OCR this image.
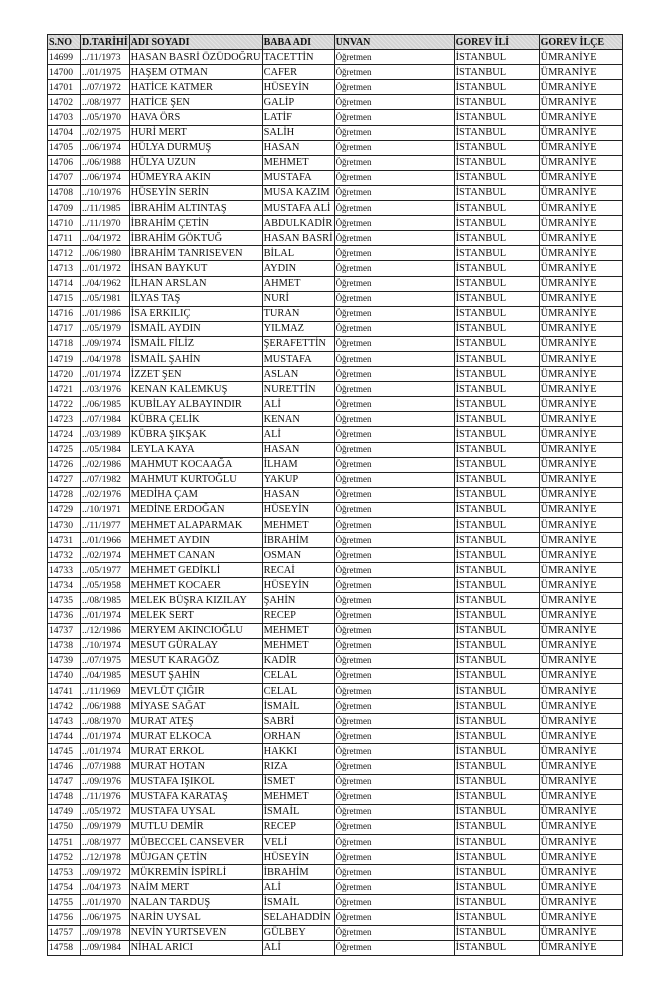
S.NO	D.TARİHİ	ADI SOYADI	BABA ADI	UNVAN	GOREV İLİ	GOREV İLÇE
14699	../11/1973	HASAN BASRİ ÖZÜDOĞRU	TACETTİN	Öğretmen	İSTANBUL	ÜMRANİYE
14700	../01/1975	HAŞEM OTMAN	CAFER	Öğretmen	İSTANBUL	ÜMRANİYE
14701	../07/1972	HATİCE KATMER	HÜSEYİN	Öğretmen	İSTANBUL	ÜMRANİYE
14702	../08/1977	HATİCE ŞEN	GALİP	Öğretmen	İSTANBUL	ÜMRANİYE
14703	../05/1970	HAVA ÖRS	LATİF	Öğretmen	İSTANBUL	ÜMRANİYE
14704	../02/1975	HURİ MERT	SALİH	Öğretmen	İSTANBUL	ÜMRANİYE
14705	../06/1974	HÜLYA DURMUŞ	HASAN	Öğretmen	İSTANBUL	ÜMRANİYE
14706	../06/1988	HÜLYA UZUN	MEHMET	Öğretmen	İSTANBUL	ÜMRANİYE
14707	../06/1974	HÜMEYRA AKIN	MUSTAFA	Öğretmen	İSTANBUL	ÜMRANİYE
14708	../10/1976	HÜSEYİN SERİN	MUSA KAZIM	Öğretmen	İSTANBUL	ÜMRANİYE
14709	../11/1985	İBRAHİM ALTINTAŞ	MUSTAFA ALİ	Öğretmen	İSTANBUL	ÜMRANİYE
14710	../11/1970	İBRAHİM ÇETİN	ABDULKADİR	Öğretmen	İSTANBUL	ÜMRANİYE
14711	../04/1972	İBRAHİM GÖKTUĞ	HASAN BASRİ	Öğretmen	İSTANBUL	ÜMRANİYE
14712	../06/1980	İBRAHİM TANRISEVEN	BİLAL	Öğretmen	İSTANBUL	ÜMRANİYE
14713	../01/1972	İHSAN BAYKUT	AYDIN	Öğretmen	İSTANBUL	ÜMRANİYE
14714	../04/1962	İLHAN ARSLAN	AHMET	Öğretmen	İSTANBUL	ÜMRANİYE
14715	../05/1981	İLYAS TAŞ	NURİ	Öğretmen	İSTANBUL	ÜMRANİYE
14716	../01/1986	İSA ERKILIÇ	TURAN	Öğretmen	İSTANBUL	ÜMRANİYE
14717	../05/1979	İSMAİL AYDIN	YILMAZ	Öğretmen	İSTANBUL	ÜMRANİYE
14718	../09/1974	İSMAİL FİLİZ	ŞERAFETTİN	Öğretmen	İSTANBUL	ÜMRANİYE
14719	../04/1978	İSMAİL ŞAHİN	MUSTAFA	Öğretmen	İSTANBUL	ÜMRANİYE
14720	../01/1974	İZZET ŞEN	ASLAN	Öğretmen	İSTANBUL	ÜMRANİYE
14721	../03/1976	KENAN KALEMKUŞ	NURETTİN	Öğretmen	İSTANBUL	ÜMRANİYE
14722	../06/1985	KUBİLAY ALBAYINDIR	ALİ	Öğretmen	İSTANBUL	ÜMRANİYE
14723	../07/1984	KÜBRA ÇELİK	KENAN	Öğretmen	İSTANBUL	ÜMRANİYE
14724	../03/1989	KÜBRA ŞIKŞAK	ALİ	Öğretmen	İSTANBUL	ÜMRANİYE
14725	../05/1984	LEYLA KAYA	HASAN	Öğretmen	İSTANBUL	ÜMRANİYE
14726	../02/1986	MAHMUT KOCAAĞA	İLHAM	Öğretmen	İSTANBUL	ÜMRANİYE
14727	../07/1982	MAHMUT KURTOĞLU	YAKUP	Öğretmen	İSTANBUL	ÜMRANİYE
14728	../02/1976	MEDİHA ÇAM	HASAN	Öğretmen	İSTANBUL	ÜMRANİYE
14729	../10/1971	MEDİNE ERDOĞAN	HÜSEYİN	Öğretmen	İSTANBUL	ÜMRANİYE
14730	../11/1977	MEHMET ALAPARMAK	MEHMET	Öğretmen	İSTANBUL	ÜMRANİYE
14731	../01/1966	MEHMET AYDIN	İBRAHİM	Öğretmen	İSTANBUL	ÜMRANİYE
14732	../02/1974	MEHMET CANAN	OSMAN	Öğretmen	İSTANBUL	ÜMRANİYE
14733	../05/1977	MEHMET GEDİKLİ	RECAİ	Öğretmen	İSTANBUL	ÜMRANİYE
14734	../05/1958	MEHMET KOCAER	HÜSEYİN	Öğretmen	İSTANBUL	ÜMRANİYE
14735	../08/1985	MELEK BÜŞRA KIZILAY	ŞAHİN	Öğretmen	İSTANBUL	ÜMRANİYE
14736	../01/1974	MELEK SERT	RECEP	Öğretmen	İSTANBUL	ÜMRANİYE
14737	../12/1986	MERYEM AKINCIOĞLU	MEHMET	Öğretmen	İSTANBUL	ÜMRANİYE
14738	../10/1974	MESUT GÜRALAY	MEHMET	Öğretmen	İSTANBUL	ÜMRANİYE
14739	../07/1975	MESUT KARAGÖZ	KADİR	Öğretmen	İSTANBUL	ÜMRANİYE
14740	../04/1985	MESUT ŞAHİN	CELAL	Öğretmen	İSTANBUL	ÜMRANİYE
14741	../11/1969	MEVLÜT ÇIĞIR	CELAL	Öğretmen	İSTANBUL	ÜMRANİYE
14742	../06/1988	MİYASE SAĞAT	İSMAİL	Öğretmen	İSTANBUL	ÜMRANİYE
14743	../08/1970	MURAT ATEŞ	SABRİ	Öğretmen	İSTANBUL	ÜMRANİYE
14744	../01/1974	MURAT ELKOCA	ORHAN	Öğretmen	İSTANBUL	ÜMRANİYE
14745	../01/1974	MURAT ERKOL	HAKKI	Öğretmen	İSTANBUL	ÜMRANİYE
14746	../07/1988	MURAT HOTAN	RIZA	Öğretmen	İSTANBUL	ÜMRANİYE
14747	../09/1976	MUSTAFA IŞIKOL	İSMET	Öğretmen	İSTANBUL	ÜMRANİYE
14748	../11/1976	MUSTAFA KARATAŞ	MEHMET	Öğretmen	İSTANBUL	ÜMRANİYE
14749	../05/1972	MUSTAFA UYSAL	İSMAİL	Öğretmen	İSTANBUL	ÜMRANİYE
14750	../09/1979	MUTLU DEMİR	RECEP	Öğretmen	İSTANBUL	ÜMRANİYE
14751	../08/1977	MÜBECCEL CANSEVER	VELİ	Öğretmen	İSTANBUL	ÜMRANİYE
14752	../12/1978	MÜJGAN ÇETİN	HÜSEYİN	Öğretmen	İSTANBUL	ÜMRANİYE
14753	../09/1972	MÜKREMİN İSPİRLİ	İBRAHİM	Öğretmen	İSTANBUL	ÜMRANİYE
14754	../04/1973	NAİM MERT	ALİ	Öğretmen	İSTANBUL	ÜMRANİYE
14755	../01/1970	NALAN TARDUŞ	İSMAİL	Öğretmen	İSTANBUL	ÜMRANİYE
14756	../06/1975	NARİN UYSAL	SELAHADDİN	Öğretmen	İSTANBUL	ÜMRANİYE
14757	../09/1978	NEVİN YURTSEVEN	GÜLBEY	Öğretmen	İSTANBUL	ÜMRANİYE
14758	../09/1984	NİHAL ARICI	ALİ	Öğretmen	İSTANBUL	ÜMRANİYE
